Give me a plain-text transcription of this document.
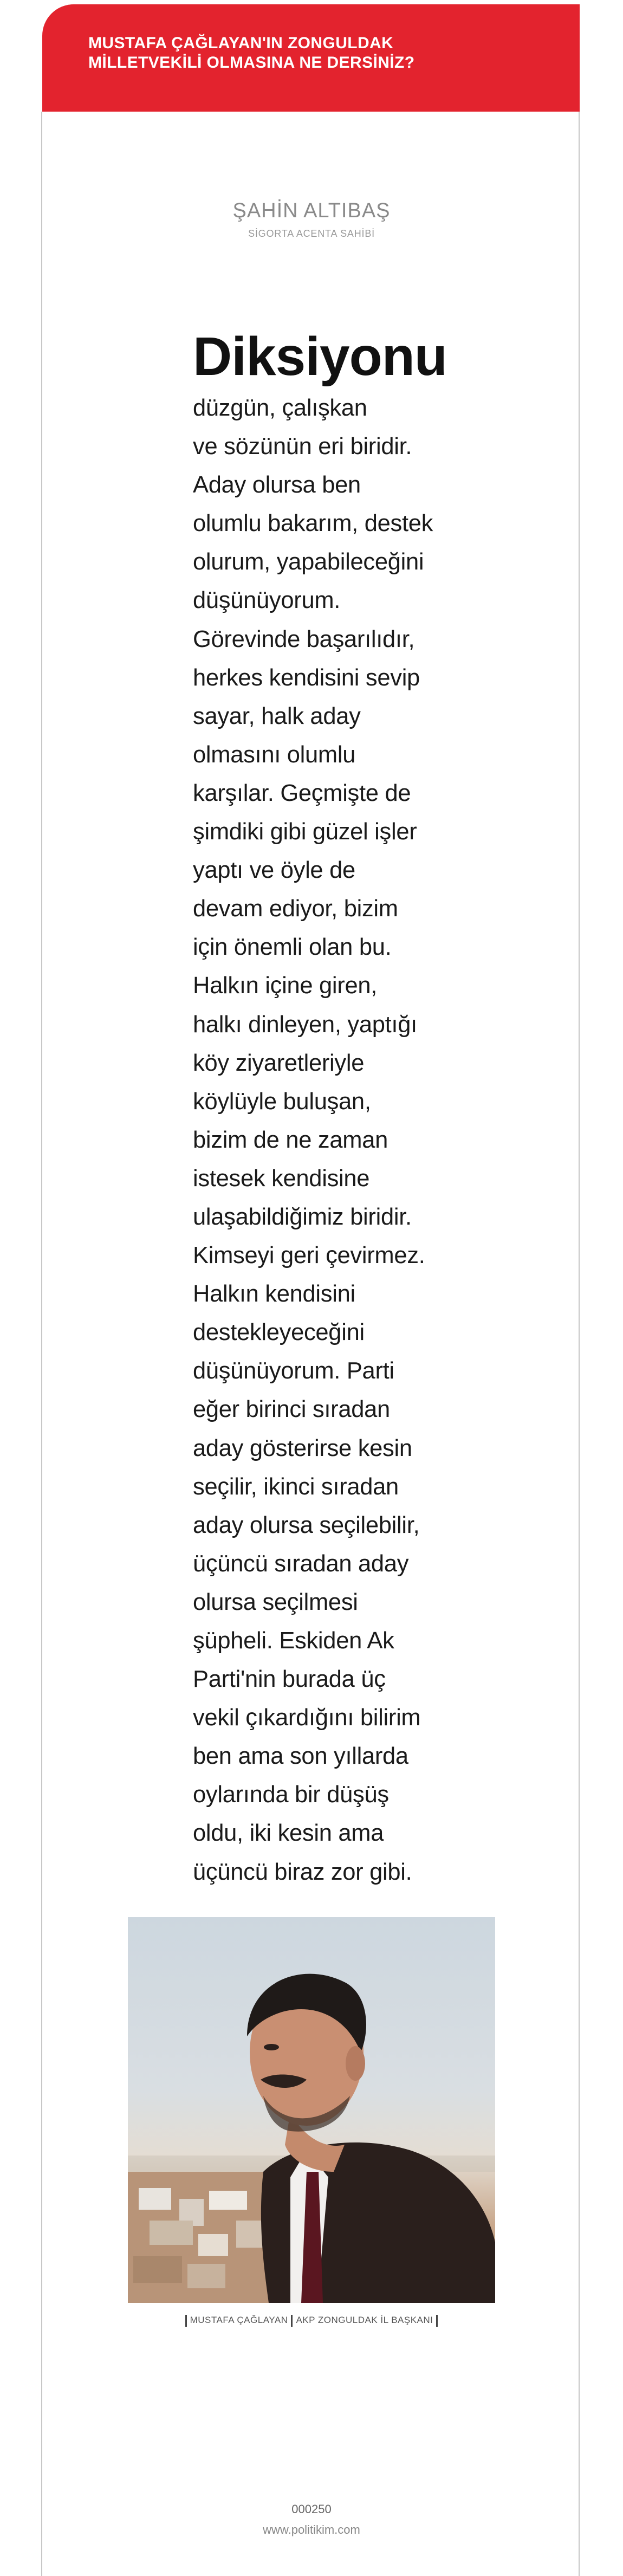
MUSTAFA ÇAĞLAYAN'IN ZONGULDAK
MİLLETVEKİLİ OLMASINA NE DERSİNİZ?
ŞAHİN ALTIBAŞ
SİGORTA ACENTA SAHİBİ
Diksiyonu
düzgün, çalışkan
ve sözünün eri biridir.
Aday olursa ben
olumlu bakarım, destek
olurum, yapabileceğini
düşünüyorum.
Görevinde başarılıdır,
herkes kendisini sevip
sayar, halk aday
olmasını olumlu
karşılar. Geçmişte de
şimdiki gibi güzel işler
yaptı ve öyle de
devam ediyor, bizim
için önemli olan bu.
Halkın içine giren,
halkı dinleyen, yaptığı
köy ziyaretleriyle
köylüyle buluşan,
bizim de ne zaman
istesek kendisine
ulaşabildiğimiz biridir.
Kimseyi geri çevirmez.
Halkın kendisini
destekleyeceğini
düşünüyorum. Parti
eğer birinci sıradan
aday gösterirse kesin
seçilir, ikinci sıradan
aday olursa seçilebilir,
üçüncü sıradan aday
olursa seçilmesi
şüpheli. Eskiden Ak
Parti'nin burada üç
vekil çıkardığını bilirim
ben ama son yıllarda
oylarında bir düşüş
oldu, iki kesin ama
üçüncü biraz zor gibi.
MUSTAFA ÇAĞLAYAN AKP ZONGULDAK İL BAŞKANI
000250
www.politikim.com
